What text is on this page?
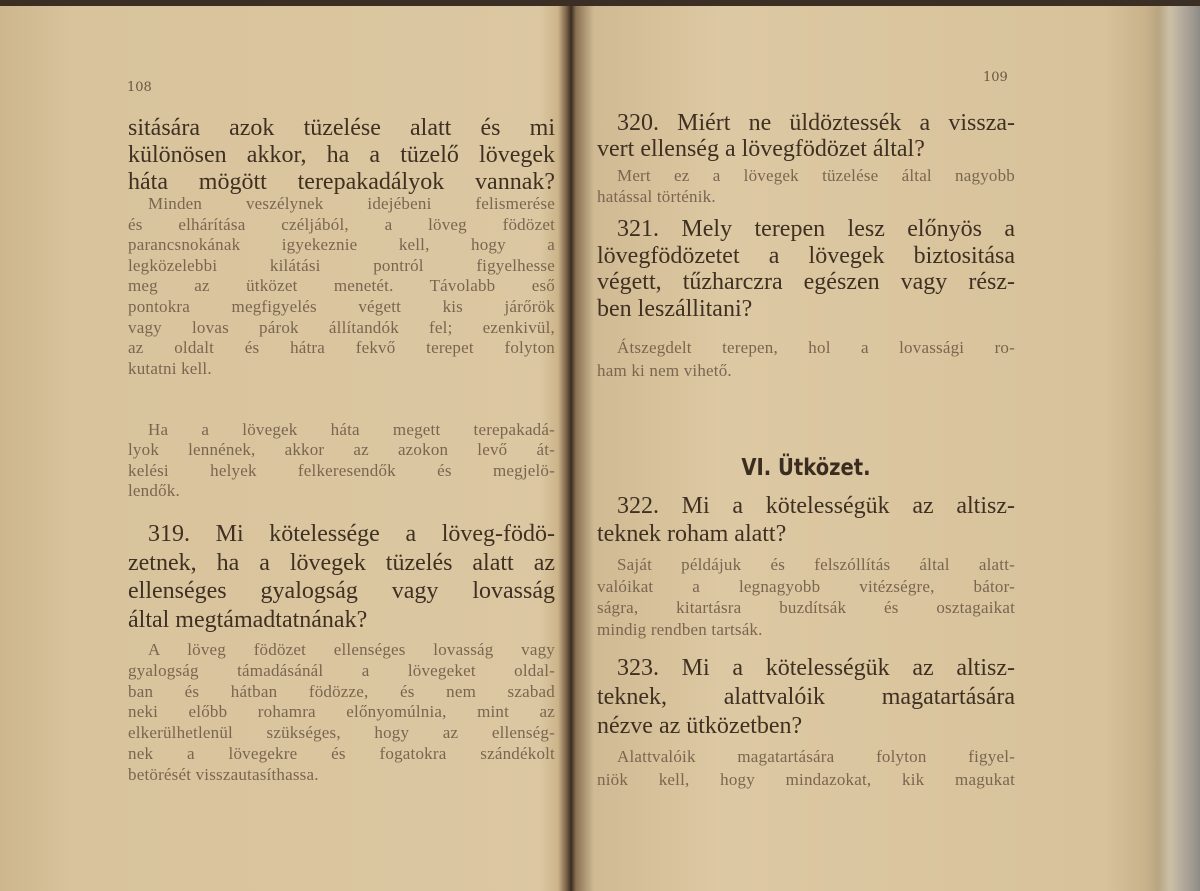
108
109
VI. Ütközet.
sitására azok tüzelése alatt és mi
különösen akkor, ha a tüzelő lövegek
háta mögött terepakadályok vannak?
Minden veszélynek idejébeni felismerése
és elhárítása czéljából, a löveg födözet
parancsnokának igyekeznie kell, hogy a
legközelebbi kilátási pontról figyelhesse
meg az ütközet menetét. Távolabb eső
pontokra megfigyelés végett kis járőrök
vagy lovas párok állítandók fel; ezenkivül,
az oldalt és hátra fekvő terepet folyton
kutatni kell.
Ha a lövegek háta megett terepakadá-
lyok lennének, akkor az azokon levő át-
kelési helyek felkeresendők és megjelö-
lendők.
319. Mi kötelessége a löveg-födö-
zetnek, ha a lövegek tüzelés alatt az
ellenséges gyalogság vagy lovasság
által megtámadtatnának?
A löveg födözet ellenséges lovasság vagy
gyalogság támadásánál a lövegeket oldal-
ban és hátban födözze, és nem szabad
neki előbb rohamra előnyomúlnia, mint az
elkerülhetlenül szükséges, hogy az ellenség-
nek a lövegekre és fogatokra szándékolt
betörését visszautasíthassa.
320. Miért ne üldöztessék a vissza-
vert ellenség a lövegfödözet által?
Mert ez a lövegek tüzelése által nagyobb
hatással történik.
321. Mely terepen lesz előnyös a
lövegfödözetet a lövegek biztositása
végett, tűzharczra egészen vagy rész-
ben leszállitani?
Átszegdelt terepen, hol a lovassági ro-
ham ki nem vihető.
322. Mi a kötelességük az altisz-
teknek roham alatt?
Saját példájuk és felszóllítás által alatt-
valóikat a legnagyobb vitézségre, bátor-
ságra, kitartásra buzdítsák és osztagaikat
mindig rendben tartsák.
323. Mi a kötelességük az altisz-
teknek, alattvalóik magatartására
nézve az ütközetben?
Alattvalóik magatartására folyton figyel-
niök kell, hogy mindazokat, kik magukat
